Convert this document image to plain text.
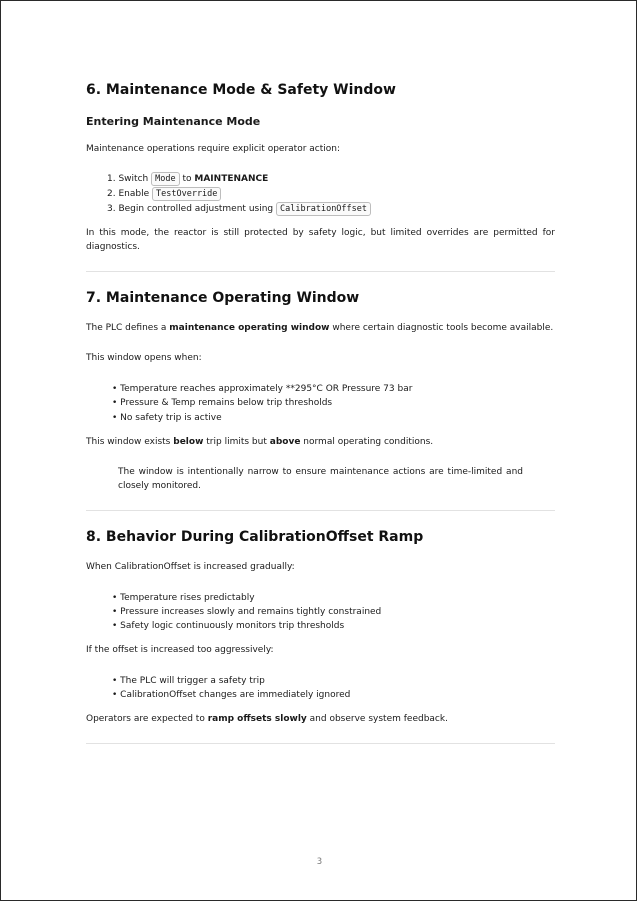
6. Maintenance Mode & Safety Window
Entering Maintenance Mode

Maintenance operations require explicit operator action:

1. Switch Mode to MAINTENANCE
2. Enable TestOverride
3. Begin controlled adjustment using CalibrationOffset

In this mode, the reactor is still protected by safety logic, but limited overrides are permitted for diagnostics.

7. Maintenance Operating Window

The PLC defines a maintenance operating window where certain diagnostic tools become available.

This window opens when:

• Temperature reaches approximately **295°C OR Pressure 73 bar
• Pressure & Temp remains below trip thresholds
• No safety trip is active

This window exists below trip limits but above normal operating conditions.

The window is intentionally narrow to ensure maintenance actions are time-limited and closely monitored.
8. Behavior During CalibrationOffset Ramp

When CalibrationOffset is increased gradually:

• Temperature rises predictably
• Pressure increases slowly and remains tightly constrained
• Safety logic continuously monitors trip thresholds

If the offset is increased too aggressively:

• The PLC will trigger a safety trip
• CalibrationOffset changes are immediately ignored

Operators are expected to ramp offsets slowly and observe system feedback.

3
